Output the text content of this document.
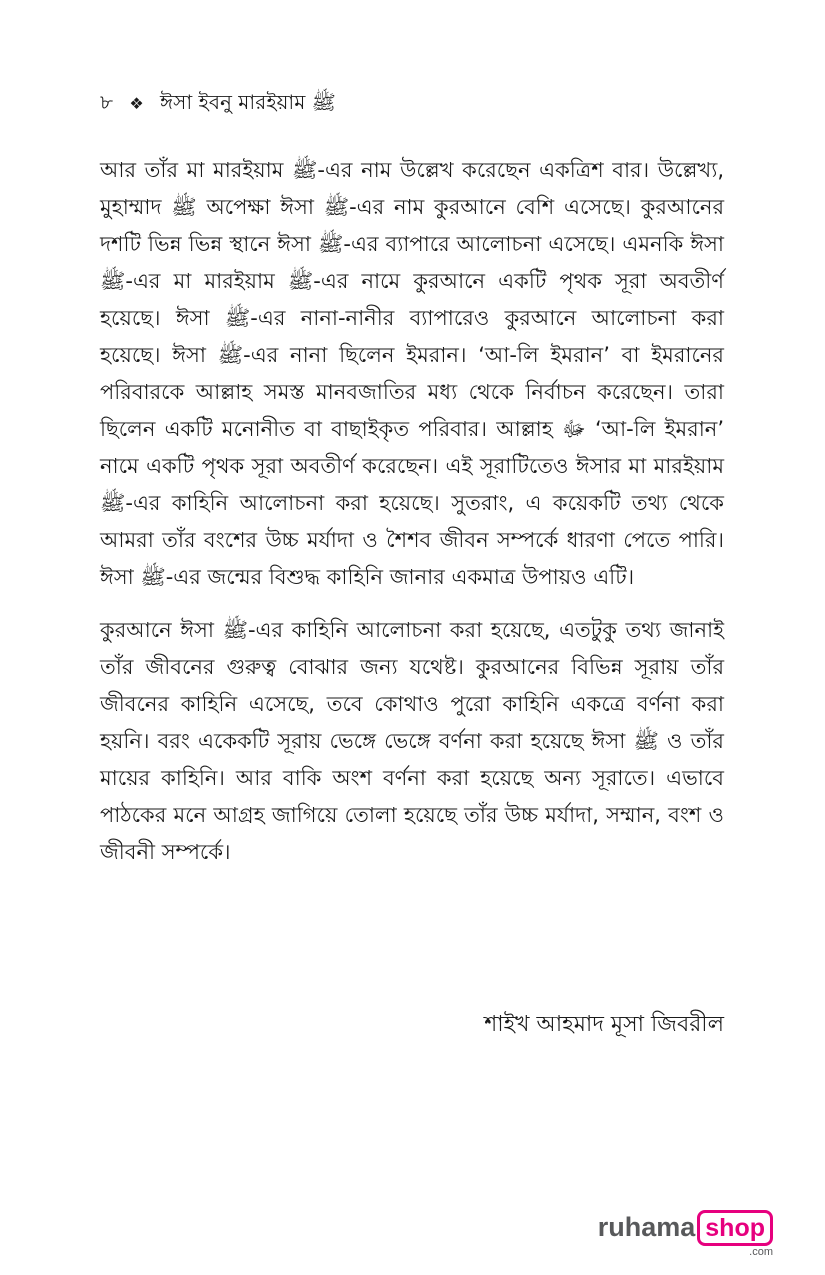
৮ ❖ ঈসা ইবনু মারইয়াম ﷺ

আর তাঁর মা মারইয়াম ﷺ-এর নাম উল্লেখ করেছেন একত্রিশ বার। উল্লেখ্য, মুহাম্মাদ ﷺ অপেক্ষা ঈসা ﷺ-এর নাম কুরআনে বেশি এসেছে। কুরআনের দশটি ভিন্ন ভিন্ন স্থানে ঈসা ﷺ-এর ব্যাপারে আলোচনা এসেছে। এমনকি ঈসা ﷺ-এর মা মারইয়াম ﷺ-এর নামে কুরআনে একটি পৃথক সূরা অবতীর্ণ হয়েছে। ঈসা ﷺ-এর নানা-নানীর ব্যাপারেও কুরআনে আলোচনা করা হয়েছে। ঈসা ﷺ-এর নানা ছিলেন ইমরান। ‘আ-লি ইমরান’ বা ইমরানের পরিবারকে আল্লাহ সমস্ত মানবজাতির মধ্য থেকে নির্বাচন করেছেন। তারা ছিলেন একটি মনোনীত বা বাছাইকৃত পরিবার। আল্লাহ ﷻ ‘আ-লি ইমরান’ নামে একটি পৃথক সূরা অবতীর্ণ করেছেন। এই সূরাটিতেও ঈসার মা মারইয়াম ﷺ-এর কাহিনি আলোচনা করা হয়েছে। সুতরাং, এ কয়েকটি তথ্য থেকে আমরা তাঁর বংশের উচ্চ মর্যাদা ও শৈশব জীবন সম্পর্কে ধারণা পেতে পারি। ঈসা ﷺ-এর জন্মের বিশুদ্ধ কাহিনি জানার একমাত্র উপায়ও এটি।

কুরআনে ঈসা ﷺ-এর কাহিনি আলোচনা করা হয়েছে, এতটুকু তথ্য জানাই তাঁর জীবনের গুরুত্ব বোঝার জন্য যথেষ্ট। কুরআনের বিভিন্ন সূরায় তাঁর জীবনের কাহিনি এসেছে, তবে কোথাও পুরো কাহিনি একত্রে বর্ণনা করা হয়নি। বরং একেকটি সূরায় ভেঙ্গে ভেঙ্গে বর্ণনা করা হয়েছে ঈসা ﷺ ও তাঁর মায়ের কাহিনি। আর বাকি অংশ বর্ণনা করা হয়েছে অন্য সূরাতে। এভাবে পাঠকের মনে আগ্রহ জাগিয়ে তোলা হয়েছে তাঁর উচ্চ মর্যাদা, সম্মান, বংশ ও জীবনী সম্পর্কে।

শাইখ আহমাদ মূসা জিবরীল
ruhama shop
.com
